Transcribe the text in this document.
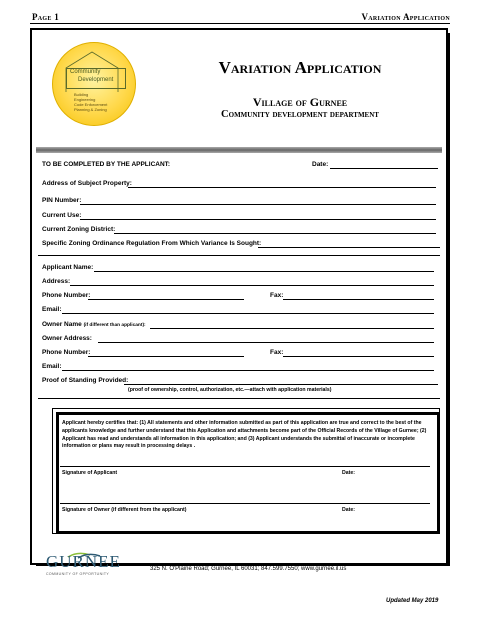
Page 1	Variation Application
Community
Development
Building
Engineering
Code Enforcement
Planning & Zoning
Variation Application
Village of Gurnee
Community development department
TO BE COMPLETED BY THE APPLICANT:	Date:
Address of Subject Property:
PIN Number:
Current Use:
Current Zoning District:
Specific Zoning Ordinance Regulation From Which Variance Is Sought:
Applicant Name:
Address:
Phone Number:	Fax:
Email:
Owner Name (if different than applicant):
Owner Address:
Phone Number:	Fax:
Email:
Proof of Standing Provided:
(proof of ownership, control, authorization, etc.—attach with application materials)
Applicant hereby certifies that: (1) All statements and other information submitted as part of this application are true and correct to the best of the applicants knowledge and further understand that this Application and attachments become part of the Official Records of the Village of Gurnee; (2) Applicant has read and understands all information in this application; and (3) Applicant understands the submittal of inaccurate or incomplete information or plans may result in processing delays .
Signature of Applicant	Date:
Signature of Owner (if different from the applicant)	Date:
GURNEE
COMMUNITY OF OPPORTUNITY
325 N. O'Plaine Road; Gurnee, IL 60031; 847.599.7550; www.gurnee.il.us
Updated May 2019
